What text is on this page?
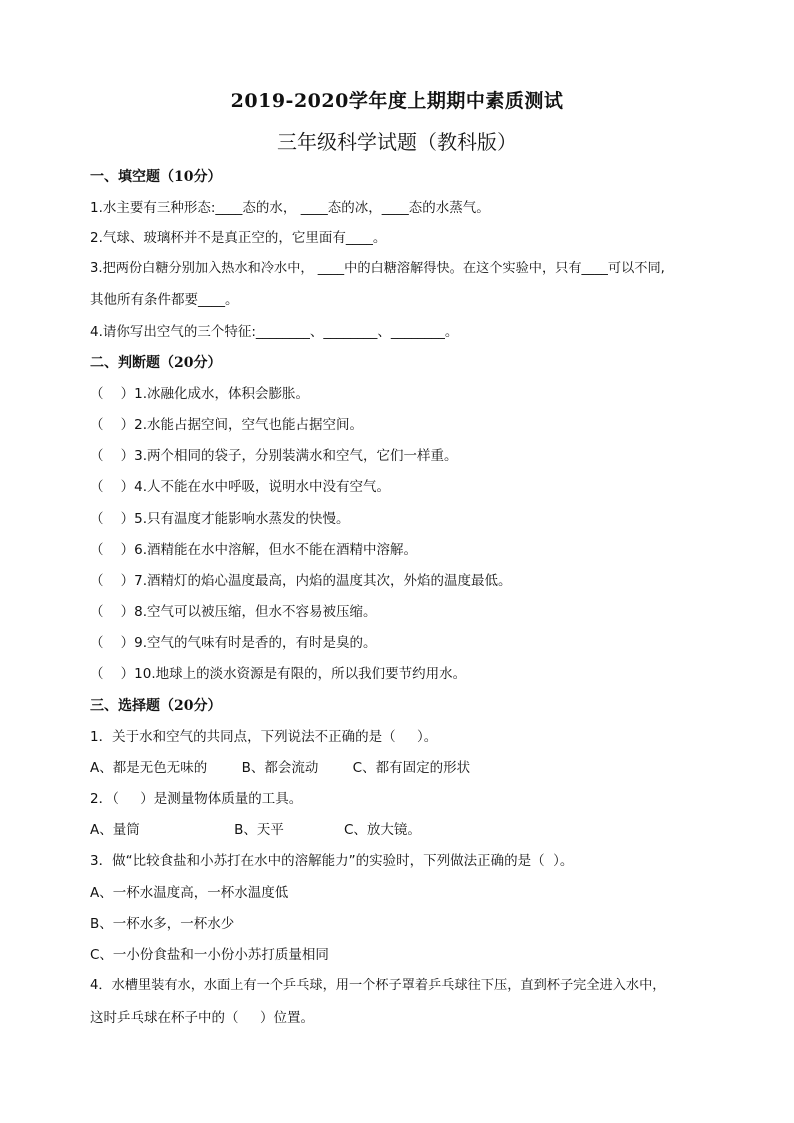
2019-2020学年度上期期中素质测试
三年级科学试题（教科版）
一、填空题（10分）
1.水主要有三种形态:____态的水， ____态的冰，____态的水蒸气。
2.气球、玻璃杯并不是真正空的，它里面有____。
3.把两份白糖分别加入热水和冷水中， ____中的白糖溶解得快。在这个实验中，只有____可以不同,
其他所有条件都要____。
4.请你写出空气的三个特征:________、________、________。
二、判断题（20分）
（    ）1.冰融化成水，体积会膨胀。
（    ）2.水能占据空间，空气也能占据空间。
（    ）3.两个相同的袋子，分别装满水和空气，它们一样重。
（    ）4.人不能在水中呼吸，说明水中没有空气。
（    ）5.只有温度才能影响水蒸发的快慢。
（    ）6.酒精能在水中溶解，但水不能在酒精中溶解。
（    ）7.酒精灯的焰心温度最高，内焰的温度其次，外焰的温度最低。
（    ）8.空气可以被压缩，但水不容易被压缩。
（    ）9.空气的气味有时是香的，有时是臭的。
（    ）10.地球上的淡水资源是有限的，所以我们要节约用水。
三、选择题（20分）
1．关于水和空气的共同点，下列说法不正确的是（     ）。
A、都是无色无味的        B、都会流动        C、都有固定的形状
2．（     ）是测量物体质量的工具。
A、量筒                      B、天平              C、放大镜。
3．做“比较食盐和小苏打在水中的溶解能力”的实验时，下列做法正确的是（  ）。
A、一杯水温度高，一杯水温度低
B、一杯水多，一杯水少
C、一小份食盐和一小份小苏打质量相同
4．水槽里装有水，水面上有一个乒乓球，用一个杯子罩着乒乓球往下压，直到杯子完全进入水中，
这时乒乓球在杯子中的（     ）位置。
